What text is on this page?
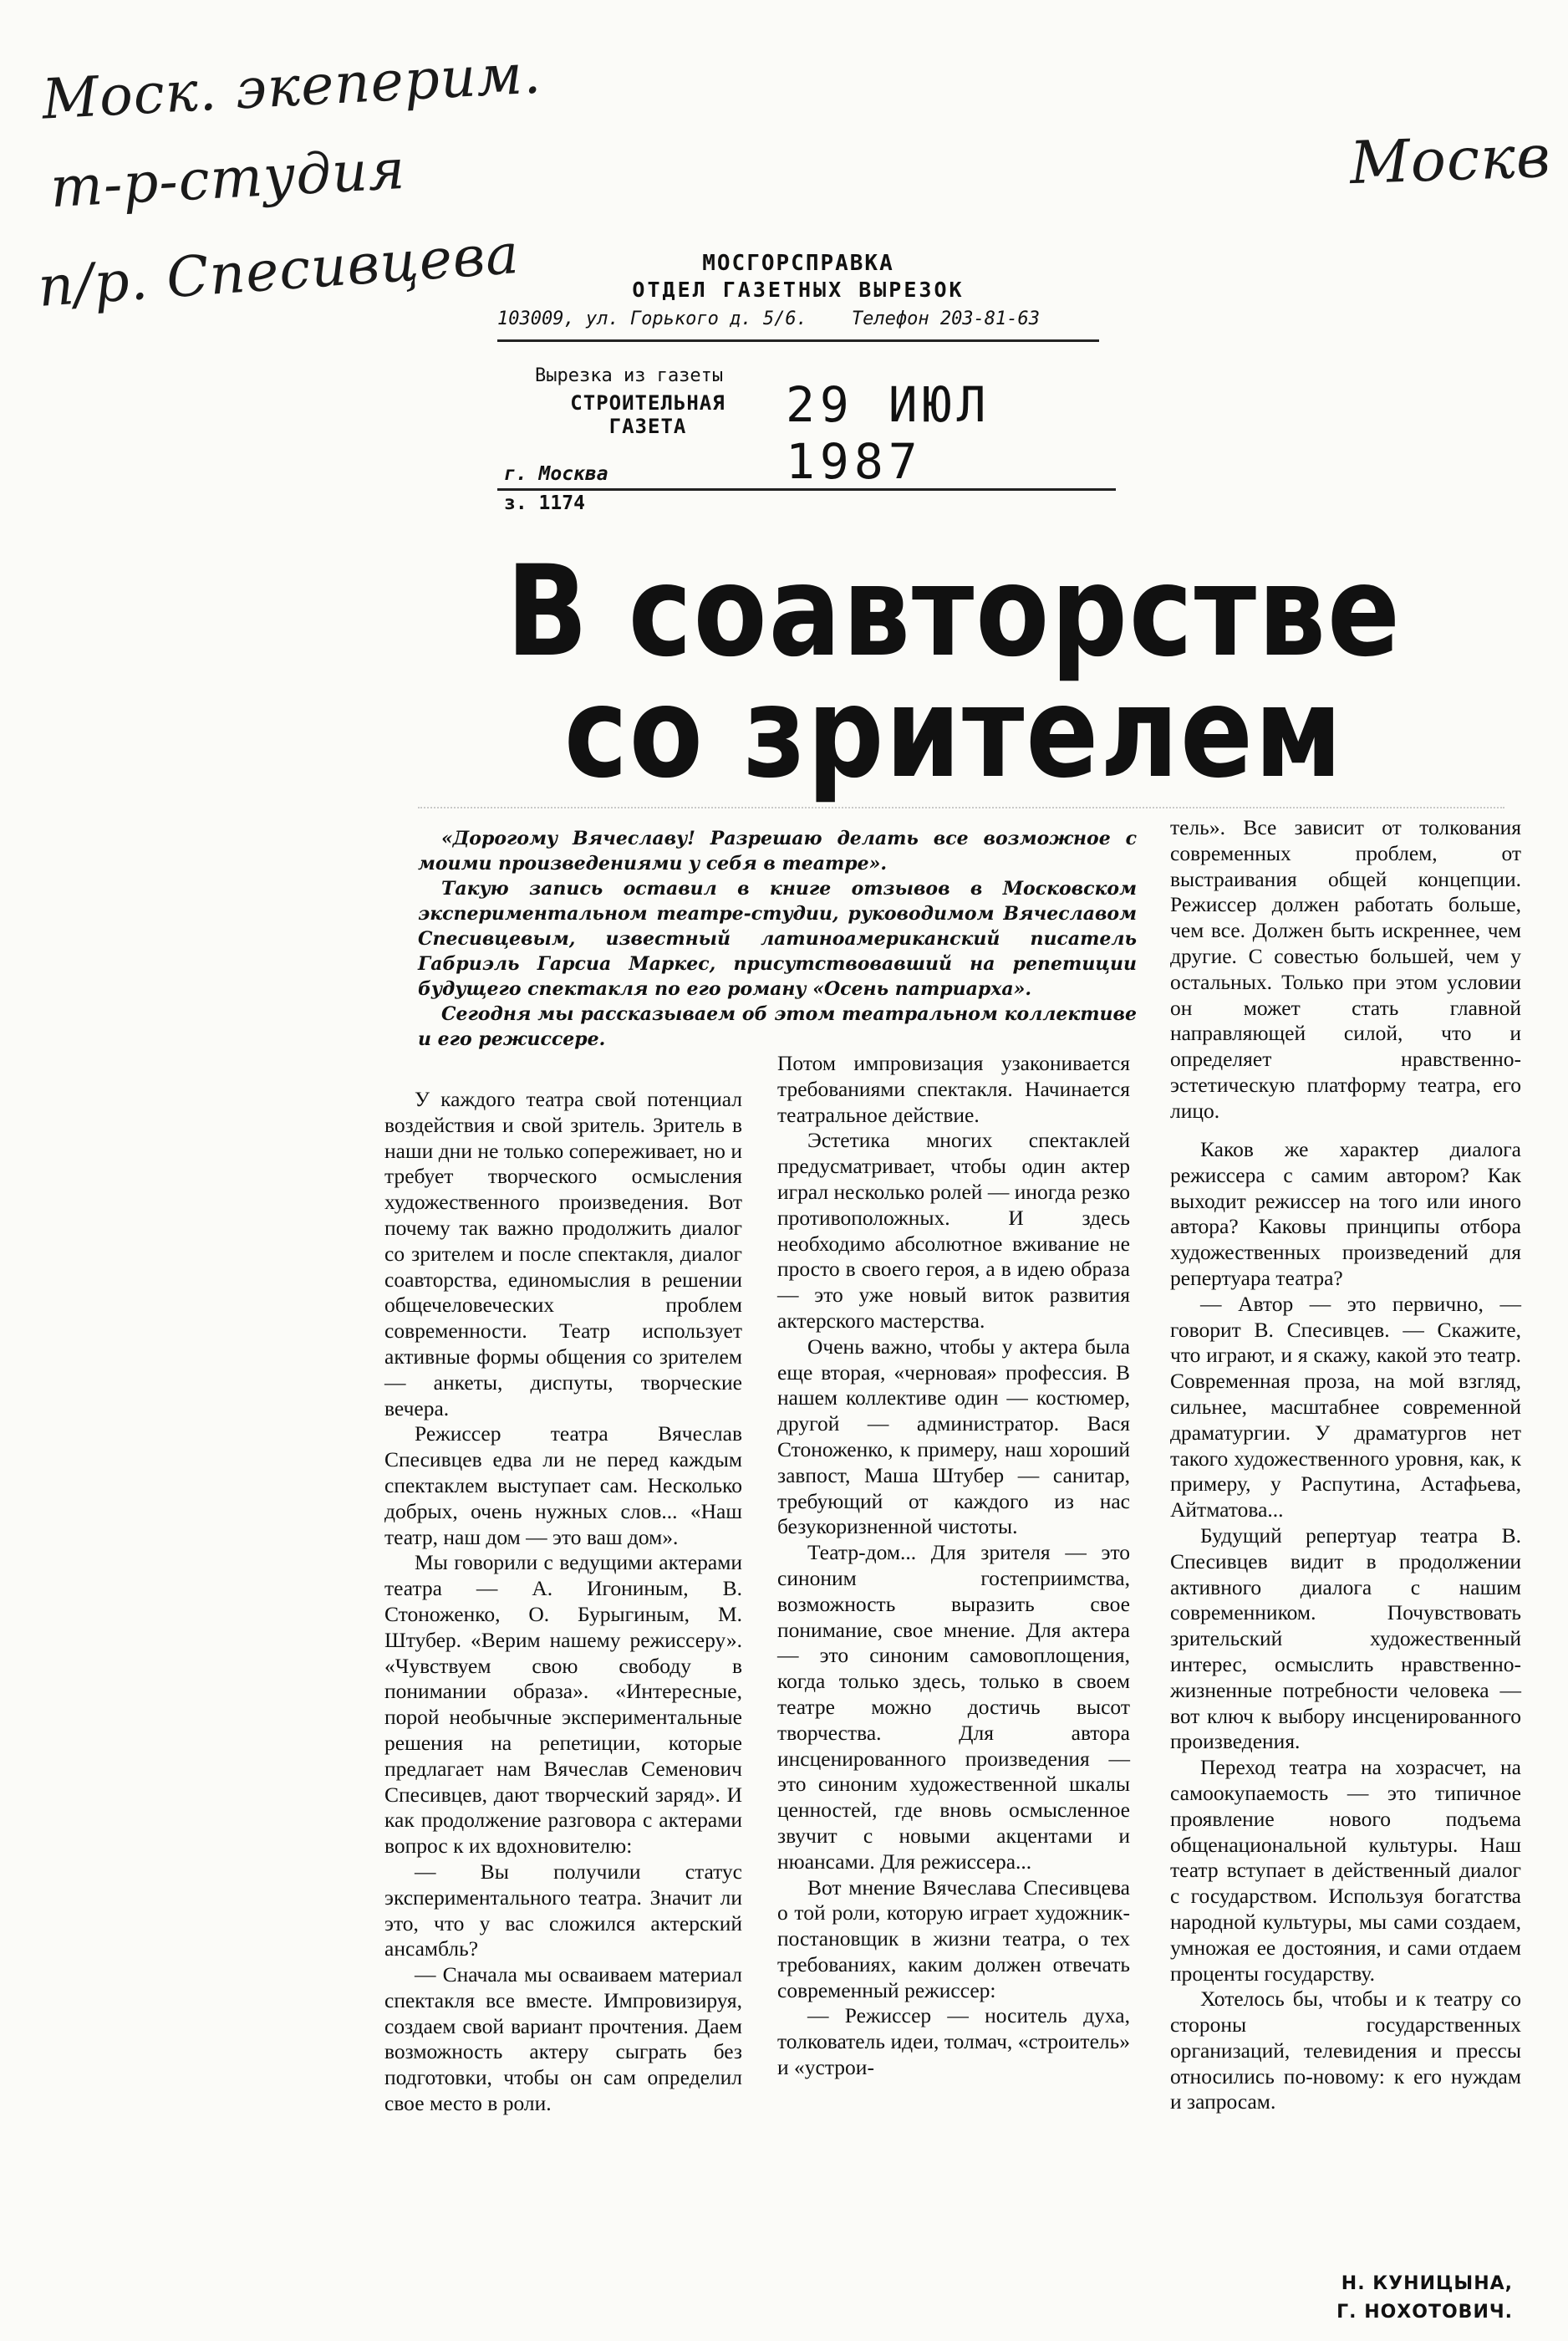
Моск. экеперим.
т-р-студия
п/р. Спесивцева
Москв
МОСГОРСПРАВКА
ОТДЕЛ ГАЗЕТНЫХ ВЫРЕЗОК
103009, ул. Горького д. 5/6. Телефон 203-81-63
Вырезка из газеты
СТРОИТЕЛЬНАЯ
ГАЗЕТА	29 ИЮЛ 1987
г. Москва
з. 1174
В соавторстве
со зрителем

«Дорогому Вячеславу! Разрешаю делать все возможное с моими произведениями у себя в театре».

Такую запись оставил в книге отзывов в Московском экспериментальном театре-студии, руководимом Вячеславом Спесивцевым, известный латиноамериканский писатель Габриэль Гарсиа Маркес, присутствовавший на репетиции будущего спектакля по его роману «Осень патриарха».

Сегодня мы рассказываем об этом театральном коллективе и его режиссере.

тель». Все зависит от толкования современных проблем, от выстраивания общей концепции. Режиссер должен работать больше, чем все. Должен быть искреннее, чем другие. С совестью большей, чем у остальных. Только при этом условии он может стать главной направляющей силой, что и определяет нравственно-эстетическую платформу театра, его лицо.

У каждого театра свой потенциал воздействия и свой зритель. Зритель в наши дни не только сопереживает, но и требует творческого осмысления художественного произведения. Вот почему так важно продолжить диалог со зрителем и после спектакля, диалог соавторства, единомыслия в решении общечеловеческих проблем современности. Театр использует активные формы общения со зрителем — анкеты, диспуты, творческие вечера.

Режиссер театра Вячеслав Спесивцев едва ли не перед каждым спектаклем выступает сам. Несколько добрых, очень нужных слов... «Наш театр, наш дом — это ваш дом».

Мы говорили с ведущими актерами театра — А. Игониным, В. Стоноженко, О. Бурыгиным, М. Штубер. «Верим нашему режиссеру». «Чувствуем свою свободу в понимании образа». «Интересные, порой необычные экспериментальные решения на репетиции, которые предлагает нам Вячеслав Семенович Спесивцев, дают творческий заряд». И как продолжение разговора с актерами вопрос к их вдохновителю:

— Вы получили статус экспериментального театра. Значит ли это, что у вас сложился актерский ансамбль?

— Сначала мы осваиваем материал спектакля все вместе. Импровизируя, создаем свой вариант прочтения. Даем возможность актеру сыграть без подготовки, чтобы он сам определил свое место в роли.

Потом импровизация узаконивается требованиями спектакля. Начинается театральное действие.

Эстетика многих спектаклей предусматривает, чтобы один актер играл несколько ролей — иногда резко противоположных. И здесь необходимо абсолютное вживание не просто в своего героя, а в идею образа — это уже новый виток развития актерского мастерства.

Очень важно, чтобы у актера была еще вторая, «черновая» профессия. В нашем коллективе один — костюмер, другой — администратор. Вася Стоноженко, к примеру, наш хороший завпост, Маша Штубер — санитар, требующий от каждого из нас безукоризненной чистоты.

Театр-дом... Для зрителя — это синоним гостеприимства, возможность выразить свое понимание, свое мнение. Для актера — это синоним самовоплощения, когда только здесь, только в своем театре можно достичь высот творчества. Для автора инсценированного произведения — это синоним художественной шкалы ценностей, где вновь осмысленное звучит с новыми акцентами и нюансами. Для режиссера...

Вот мнение Вячеслава Спесивцева о той роли, которую играет художник-постановщик в жизни театра, о тех требованиях, каким должен отвечать современный режиссер:

— Режиссер — носитель духа, толкователь идеи, толмач, «строитель» и «устрои-

Каков же характер диалога режиссера с самим автором? Как выходит режиссер на того или иного автора? Каковы принципы отбора художественных произведений для репертуара театра?

— Автор — это первично, — говорит В. Спесивцев. — Скажите, что играют, и я скажу, какой это театр. Современная проза, на мой взгляд, сильнее, масштабнее современной драматургии. У драматургов нет такого художественного уровня, как, к примеру, у Распутина, Астафьева, Айтматова...

Будущий репертуар театра В. Спесивцев видит в продолжении активного диалога с нашим современником. Почувствовать зрительский художественный интерес, осмыслить нравственно-жизненные потребности человека — вот ключ к выбору инсценированного произведения.

Переход театра на хозрасчет, на самоокупаемость — это типичное проявление нового подъема общенациональной культуры. Наш театр вступает в действенный диалог с государством. Используя богатства народной культуры, мы сами создаем, умножая ее достояния, и сами отдаем проценты государству.

Хотелось бы, чтобы и к театру со стороны государственных организаций, телевидения и прессы относились по-новому: к его нуждам и запросам.

Н. КУНИЦЫНА,
Г. НОХОТОВИЧ.
